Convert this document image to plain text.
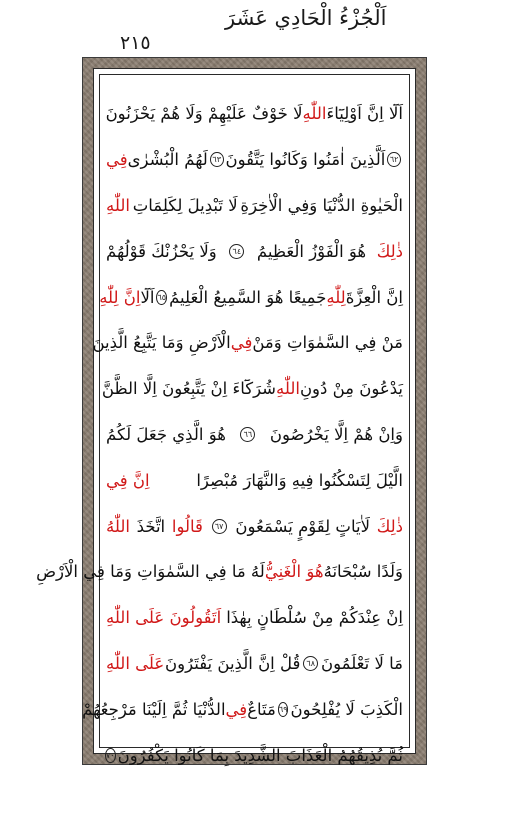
٢١٥
اَلْجُزْءُ الْحَادِي عَشَرَ
اَلَٓا اِنَّ اَوْلِيَٓاءَ
اللّٰهِ
لَا خَوْفٌ عَلَيْهِمْ وَلَا هُمْ يَحْزَنُونَ
٦٢
اَلَّذِينَ اٰمَنُوا وَكَانُوا يَتَّقُونَ
٦٣
لَهُمُ الْبُشْرٰى
فِي
الْحَيٰوةِ الدُّنْيَا وَفِي الْاٰخِرَةِ
لَا تَبْدِيلَ لِكَلِمَاتِ
اللّٰهِ
ذٰلِكَ
هُوَ الْفَوْزُ الْعَظِيمُ
٦٤
وَلَا يَحْزُنْكَ قَوْلُهُمْ
اِنَّ الْعِزَّةَ
لِلّٰهِ
جَمِيعًا هُوَ السَّمِيعُ الْعَلِيمُ
٦٥
اَلَٓا
اِنَّ لِلّٰهِ
مَنْ فِي السَّمٰوَاتِ وَمَنْ
فِي
الْاَرْضِ وَمَا يَتَّبِعُ الَّذِينَ
يَدْعُونَ مِنْ دُونِ
اللّٰهِ
شُرَكَٓاءَ اِنْ يَتَّبِعُونَ اِلَّا الظَّنَّ
وَاِنْ هُمْ اِلَّا يَخْرُصُونَ
٦٦
هُوَ الَّذِي جَعَلَ لَكُمُ
الَّيْلَ لِتَسْكُنُوا فِيهِ وَالنَّهَارَ مُبْصِرًا
اِنَّ فِي
ذٰلِكَ
لَاٰيَاتٍ لِقَوْمٍ يَسْمَعُونَ
٦٧
قَالُوا
اتَّخَذَ
اللّٰهُ
وَلَدًا سُبْحَانَهُ
هُوَ الْغَنِيُّ
لَهُ مَا فِي السَّمٰوَاتِ وَمَا فِي الْاَرْضِ
اِنْ عِنْدَكُمْ مِنْ سُلْطَانٍ بِهٰذَا
اَتَقُولُونَ عَلَى اللّٰهِ
مَا لَا تَعْلَمُونَ
٦٨
قُلْ اِنَّ الَّذِينَ يَفْتَرُونَ
عَلَى اللّٰهِ
الْكَذِبَ لَا يُفْلِحُونَ
٦٩
مَتَاعٌ
فِي
الدُّنْيَا ثُمَّ اِلَيْنَا مَرْجِعُهُمْ
ثُمَّ نُذِيقُهُمُ الْعَذَابَ الشَّدِيدَ بِمَا كَانُوا يَكْفُرُونَ
٧٠
